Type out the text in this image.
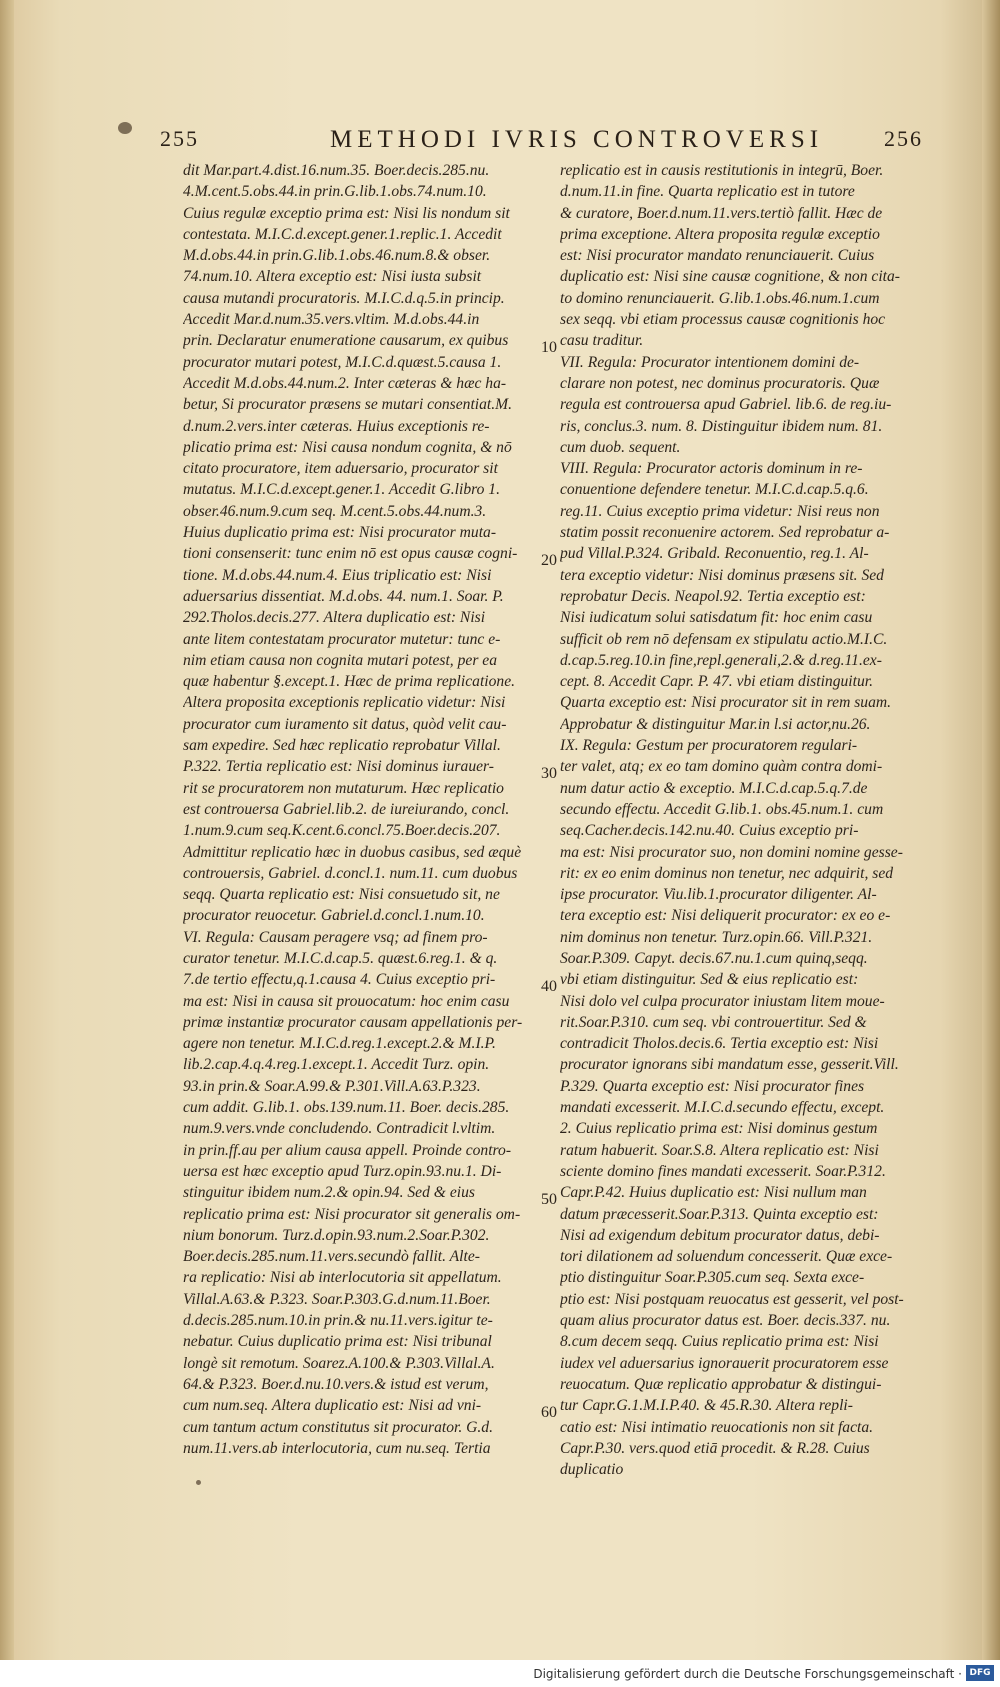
255	METHODI IVRIS CONTROVERSI	256
dit Mar.part.4.dist.16.num.35. Boer.decis.285.nu.
4.M.cent.5.obs.44.in prin.G.lib.1.obs.74.num.10.
Cuius regulæ exceptio prima est: Nisi lis nondum sit
contestata. M.I.C.d.except.gener.1.replic.1. Accedit
M.d.obs.44.in prin.G.lib.1.obs.46.num.8.& obser.
74.num.10. Altera exceptio est: Nisi iusta subsit
causa mutandi procuratoris. M.I.C.d.q.5.in princip.
Accedit Mar.d.num.35.vers.vltim. M.d.obs.44.in
prin. Declaratur enumeratione causarum, ex quibus
procurator mutari potest, M.I.C.d.quæst.5.causa 1.
Accedit M.d.obs.44.num.2. Inter cæteras & hæc ha-
betur, Si procurator præsens se mutari consentiat.M.
d.num.2.vers.inter cæteras. Huius exceptionis re-
plicatio prima est: Nisi causa nondum cognita, & nō
citato procuratore, item aduersario, procurator sit
mutatus. M.I.C.d.except.gener.1. Accedit G.libro 1.
obser.46.num.9.cum seq. M.cent.5.obs.44.num.3.
Huius duplicatio prima est: Nisi procurator muta-
tioni consenserit: tunc enim nō est opus causæ cogni-
tione. M.d.obs.44.num.4. Eius triplicatio est: Nisi
aduersarius dissentiat. M.d.obs. 44. num.1. Soar. P.
292.Tholos.decis.277. Altera duplicatio est: Nisi
ante litem contestatam procurator mutetur: tunc e-
nim etiam causa non cognita mutari potest, per ea
quæ habentur §.except.1. Hæc de prima replicatione.
Altera proposita exceptionis replicatio videtur: Nisi
procurator cum iuramento sit datus, quòd velit cau-
sam expedire. Sed hæc replicatio reprobatur Villal.
P.322. Tertia replicatio est: Nisi dominus iurauer-
rit se procuratorem non mutaturum. Hæc replicatio
est controuersa Gabriel.lib.2. de iureiurando, concl.
1.num.9.cum seq.K.cent.6.concl.75.Boer.decis.207.
Admittitur replicatio hæc in duobus casibus, sed æquè
controuersis, Gabriel. d.concl.1. num.11. cum duobus
seqq. Quarta replicatio est: Nisi consuetudo sit, ne
procurator reuocetur. Gabriel.d.concl.1.num.10.
VI. Regula: Causam peragere vsq; ad finem pro-
curator tenetur. M.I.C.d.cap.5. quæst.6.reg.1. & q.
7.de tertio effectu,q.1.causa 4. Cuius exceptio pri-
ma est: Nisi in causa sit prouocatum: hoc enim casu
primæ instantiæ procurator causam appellationis per-
agere non tenetur. M.I.C.d.reg.1.except.2.& M.I.P.
lib.2.cap.4.q.4.reg.1.except.1. Accedit Turz. opin.
93.in prin.& Soar.A.99.& P.301.Vill.A.63.P.323.
cum addit. G.lib.1. obs.139.num.11. Boer. decis.285.
num.9.vers.vnde concludendo. Contradicit l.vltim.
in prin.ff.au per alium causa appell. Proinde contro-
uersa est hæc exceptio apud Turz.opin.93.nu.1. Di-
stinguitur ibidem num.2.& opin.94. Sed & eius
replicatio prima est: Nisi procurator sit generalis om-
nium bonorum. Turz.d.opin.93.num.2.Soar.P.302.
Boer.decis.285.num.11.vers.secundò fallit. Alte-
ra replicatio: Nisi ab interlocutoria sit appellatum.
Villal.A.63.& P.323. Soar.P.303.G.d.num.11.Boer.
d.decis.285.num.10.in prin.& nu.11.vers.igitur te-
nebatur. Cuius duplicatio prima est: Nisi tribunal
longè sit remotum. Soarez.A.100.& P.303.Villal.A.
64.& P.323. Boer.d.nu.10.vers.& istud est verum,
cum num.seq. Altera duplicatio est: Nisi ad vni-
cum tantum actum constitutus sit procurator. G.d.
num.11.vers.ab interlocutoria, cum nu.seq. Tertia
replicatio est in causis restitutionis in integrū, Boer.
d.num.11.in fine. Quarta replicatio est in tutore
& curatore, Boer.d.num.11.vers.tertiò fallit. Hæc de
prima exceptione. Altera proposita regulæ exceptio
est: Nisi procurator mandato renunciauerit. Cuius
duplicatio est: Nisi sine causæ cognitione, & non cita-
to domino renunciauerit. G.lib.1.obs.46.num.1.cum
sex seqq. vbi etiam processus causæ cognitionis hoc
casu traditur.
VII. Regula: Procurator intentionem domini de-
clarare non potest, nec dominus procuratoris. Quæ
regula est controuersa apud Gabriel. lib.6. de reg.iu-
ris, conclus.3. num. 8. Distinguitur ibidem num. 81.
cum duob. sequent.
VIII. Regula: Procurator actoris dominum in re-
conuentione defendere tenetur. M.I.C.d.cap.5.q.6.
reg.11. Cuius exceptio prima videtur: Nisi reus non
statim possit reconuenire actorem. Sed reprobatur a-
pud Villal.P.324. Gribald. Reconuentio, reg.1. Al-
tera exceptio videtur: Nisi dominus præsens sit. Sed
reprobatur Decis. Neapol.92. Tertia exceptio est:
Nisi iudicatum solui satisdatum fit: hoc enim casu
sufficit ob rem nō defensam ex stipulatu actio.M.I.C.
d.cap.5.reg.10.in fine,repl.generali,2.& d.reg.11.ex-
cept. 8. Accedit Capr. P. 47. vbi etiam distinguitur.
Quarta exceptio est: Nisi procurator sit in rem suam.
Approbatur & distinguitur Mar.in l.si actor,nu.26.
IX. Regula: Gestum per procuratorem regulari-
ter valet, atq; ex eo tam domino quàm contra domi-
num datur actio & exceptio. M.I.C.d.cap.5.q.7.de
secundo effectu. Accedit G.lib.1. obs.45.num.1. cum
seq.Cacher.decis.142.nu.40. Cuius exceptio pri-
ma est: Nisi procurator suo, non domini nomine gesse-
rit: ex eo enim dominus non tenetur, nec adquirit, sed
ipse procurator. Viu.lib.1.procurator diligenter. Al-
tera exceptio est: Nisi deliquerit procurator: ex eo e-
nim dominus non tenetur. Turz.opin.66. Vill.P.321.
Soar.P.309. Capyt. decis.67.nu.1.cum quinq,seqq.
vbi etiam distinguitur. Sed & eius replicatio est:
Nisi dolo vel culpa procurator iniustam litem moue-
rit.Soar.P.310. cum seq. vbi controuertitur. Sed &
contradicit Tholos.decis.6. Tertia exceptio est: Nisi
procurator ignorans sibi mandatum esse, gesserit.Vill.
P.329. Quarta exceptio est: Nisi procurator fines
mandati excesserit. M.I.C.d.secundo effectu, except.
2. Cuius replicatio prima est: Nisi dominus gestum
ratum habuerit. Soar.S.8. Altera replicatio est: Nisi
sciente domino fines mandati excesserit. Soar.P.312.
Capr.P.42. Huius duplicatio est: Nisi nullum man
datum præcesserit.Soar.P.313. Quinta exceptio est:
Nisi ad exigendum debitum procurator datus, debi-
tori dilationem ad soluendum concesserit. Quæ exce-
ptio distinguitur Soar.P.305.cum seq. Sexta exce-
ptio est: Nisi postquam reuocatus est gesserit, vel post-
quam alius procurator datus est. Boer. decis.337. nu.
8.cum decem seqq. Cuius replicatio prima est: Nisi
iudex vel aduersarius ignorauerit procuratorem esse
reuocatum. Quæ replicatio approbatur & distingui-
tur Capr.G.1.M.I.P.40. & 45.R.30. Altera repli-
catio est: Nisi intimatio reuocationis non sit facta.
Capr.P.30. vers.quod etiā procedit. & R.28. Cuius
duplicatio
10
20
30
40
50
60
Digitalisierung gefördert durch die Deutsche Forschungsgemeinschaft · DFG
